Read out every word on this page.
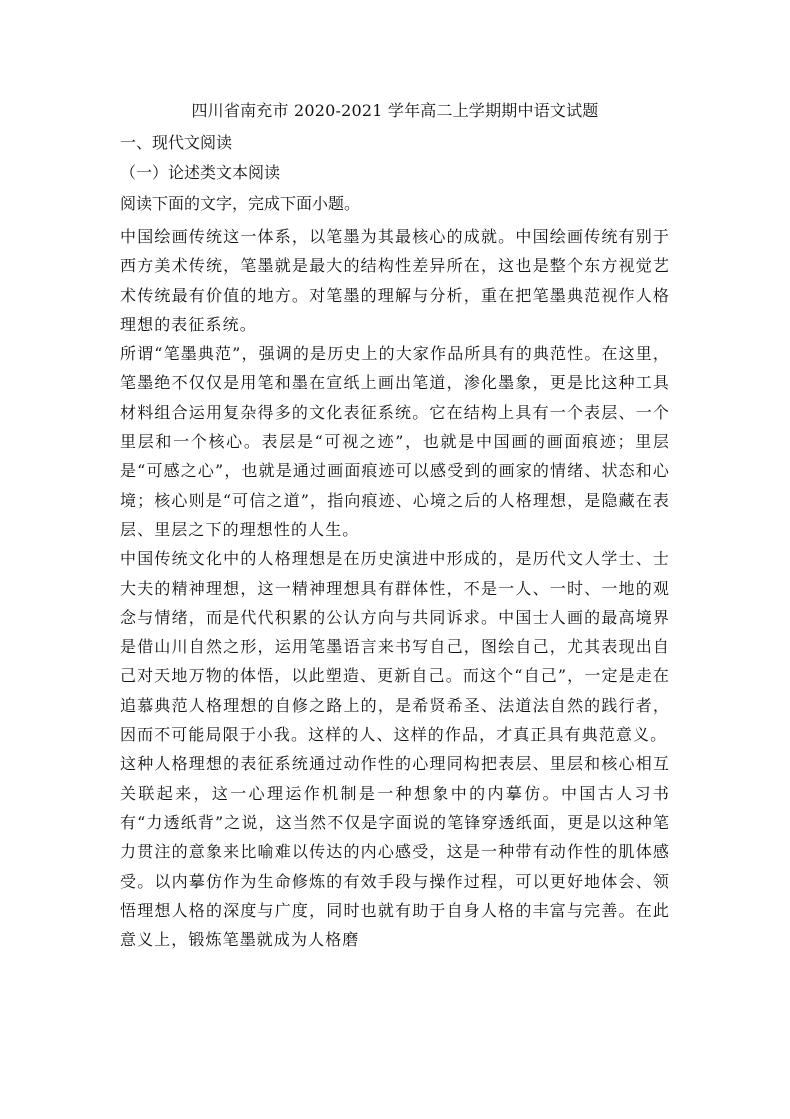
四川省南充市 2020-2021 学年高二上学期期中语文试题
一、现代文阅读
（一）论述类文本阅读
阅读下面的文字，完成下面小题。

中国绘画传统这一体系，以笔墨为其最核心的成就。中国绘画传统有别于西方美术传统，笔墨就是最大的结构性差异所在，这也是整个东方视觉艺术传统最有价值的地方。对笔墨的理解与分析，重在把笔墨典范视作人格理想的表征系统。

所谓“笔墨典范”，强调的是历史上的大家作品所具有的典范性。在这里，笔墨绝不仅仅是用笔和墨在宣纸上画出笔道，渗化墨象，更是比这种工具材料组合运用复杂得多的文化表征系统。它在结构上具有一个表层、一个里层和一个核心。表层是“可视之迹”，也就是中国画的画面痕迹；里层是“可感之心”，也就是通过画面痕迹可以感受到的画家的情绪、状态和心境；核心则是“可信之道”，指向痕迹、心境之后的人格理想，是隐藏在表层、里层之下的理想性的人生。

中国传统文化中的人格理想是在历史演进中形成的，是历代文人学士、士大夫的精神理想，这一精神理想具有群体性，不是一人、一时、一地的观念与情绪，而是代代积累的公认方向与共同诉求。中国士人画的最高境界是借山川自然之形，运用笔墨语言来书写自己，图绘自己，尤其表现出自己对天地万物的体悟，以此塑造、更新自己。而这个“自己”，一定是走在追慕典范人格理想的自修之路上的，是希贤希圣、法道法自然的践行者，因而不可能局限于小我。这样的人、这样的作品，才真正具有典范意义。

这种人格理想的表征系统通过动作性的心理同构把表层、里层和核心相互关联起来，这一心理运作机制是一种想象中的内摹仿。中国古人习书有“力透纸背”之说，这当然不仅是字面说的笔锋穿透纸面，更是以这种笔力贯注的意象来比喻难以传达的内心感受，这是一种带有动作性的肌体感受。以内摹仿作为生命修炼的有效手段与操作过程，可以更好地体会、领悟理想人格的深度与广度，同时也就有助于自身人格的丰富与完善。在此意义上，锻炼笔墨就成为人格磨
